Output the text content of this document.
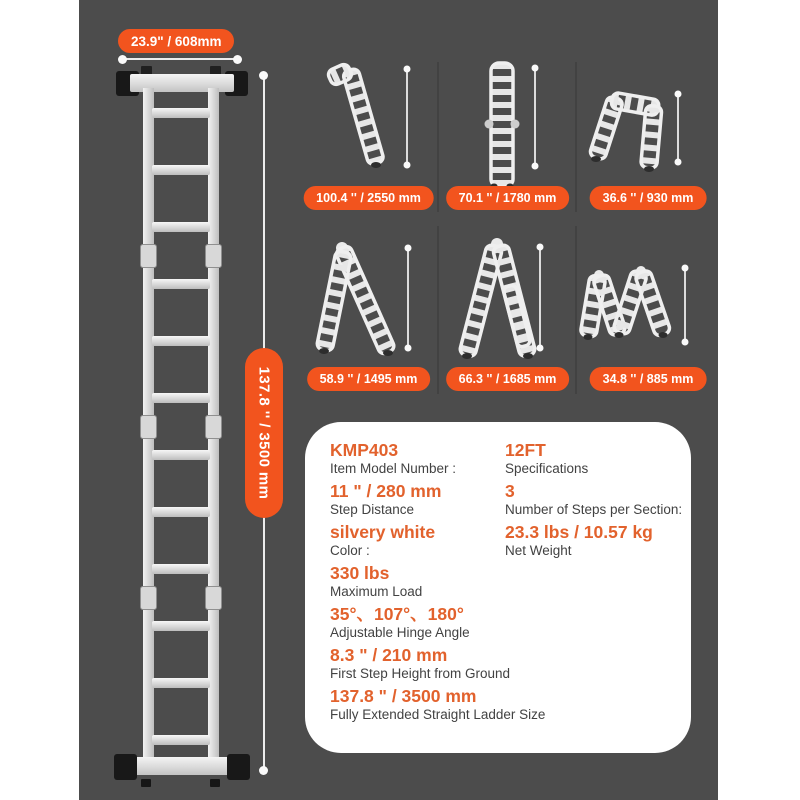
23.9" / 608mm
137.8 '' / 3500 mm
100.4 '' / 2550 mm	70.1 '' / 1780 mm	36.6 '' / 930 mm
58.9 '' / 1495 mm	66.3 '' / 1685 mm	34.8 '' / 885 mm
KMP403
Item Model Number :
11 " / 280 mm
Step Distance
silvery white
Color :
330 lbs
Maximum Load
35°、107°、180°
Adjustable Hinge Angle
8.3 " / 210 mm
First Step Height from Ground
137.8 " / 3500 mm
Fully Extended Straight Ladder Size
12FT
Specifications
3
Number of Steps per Section:
23.3 lbs / 10.57 kg
Net Weight
